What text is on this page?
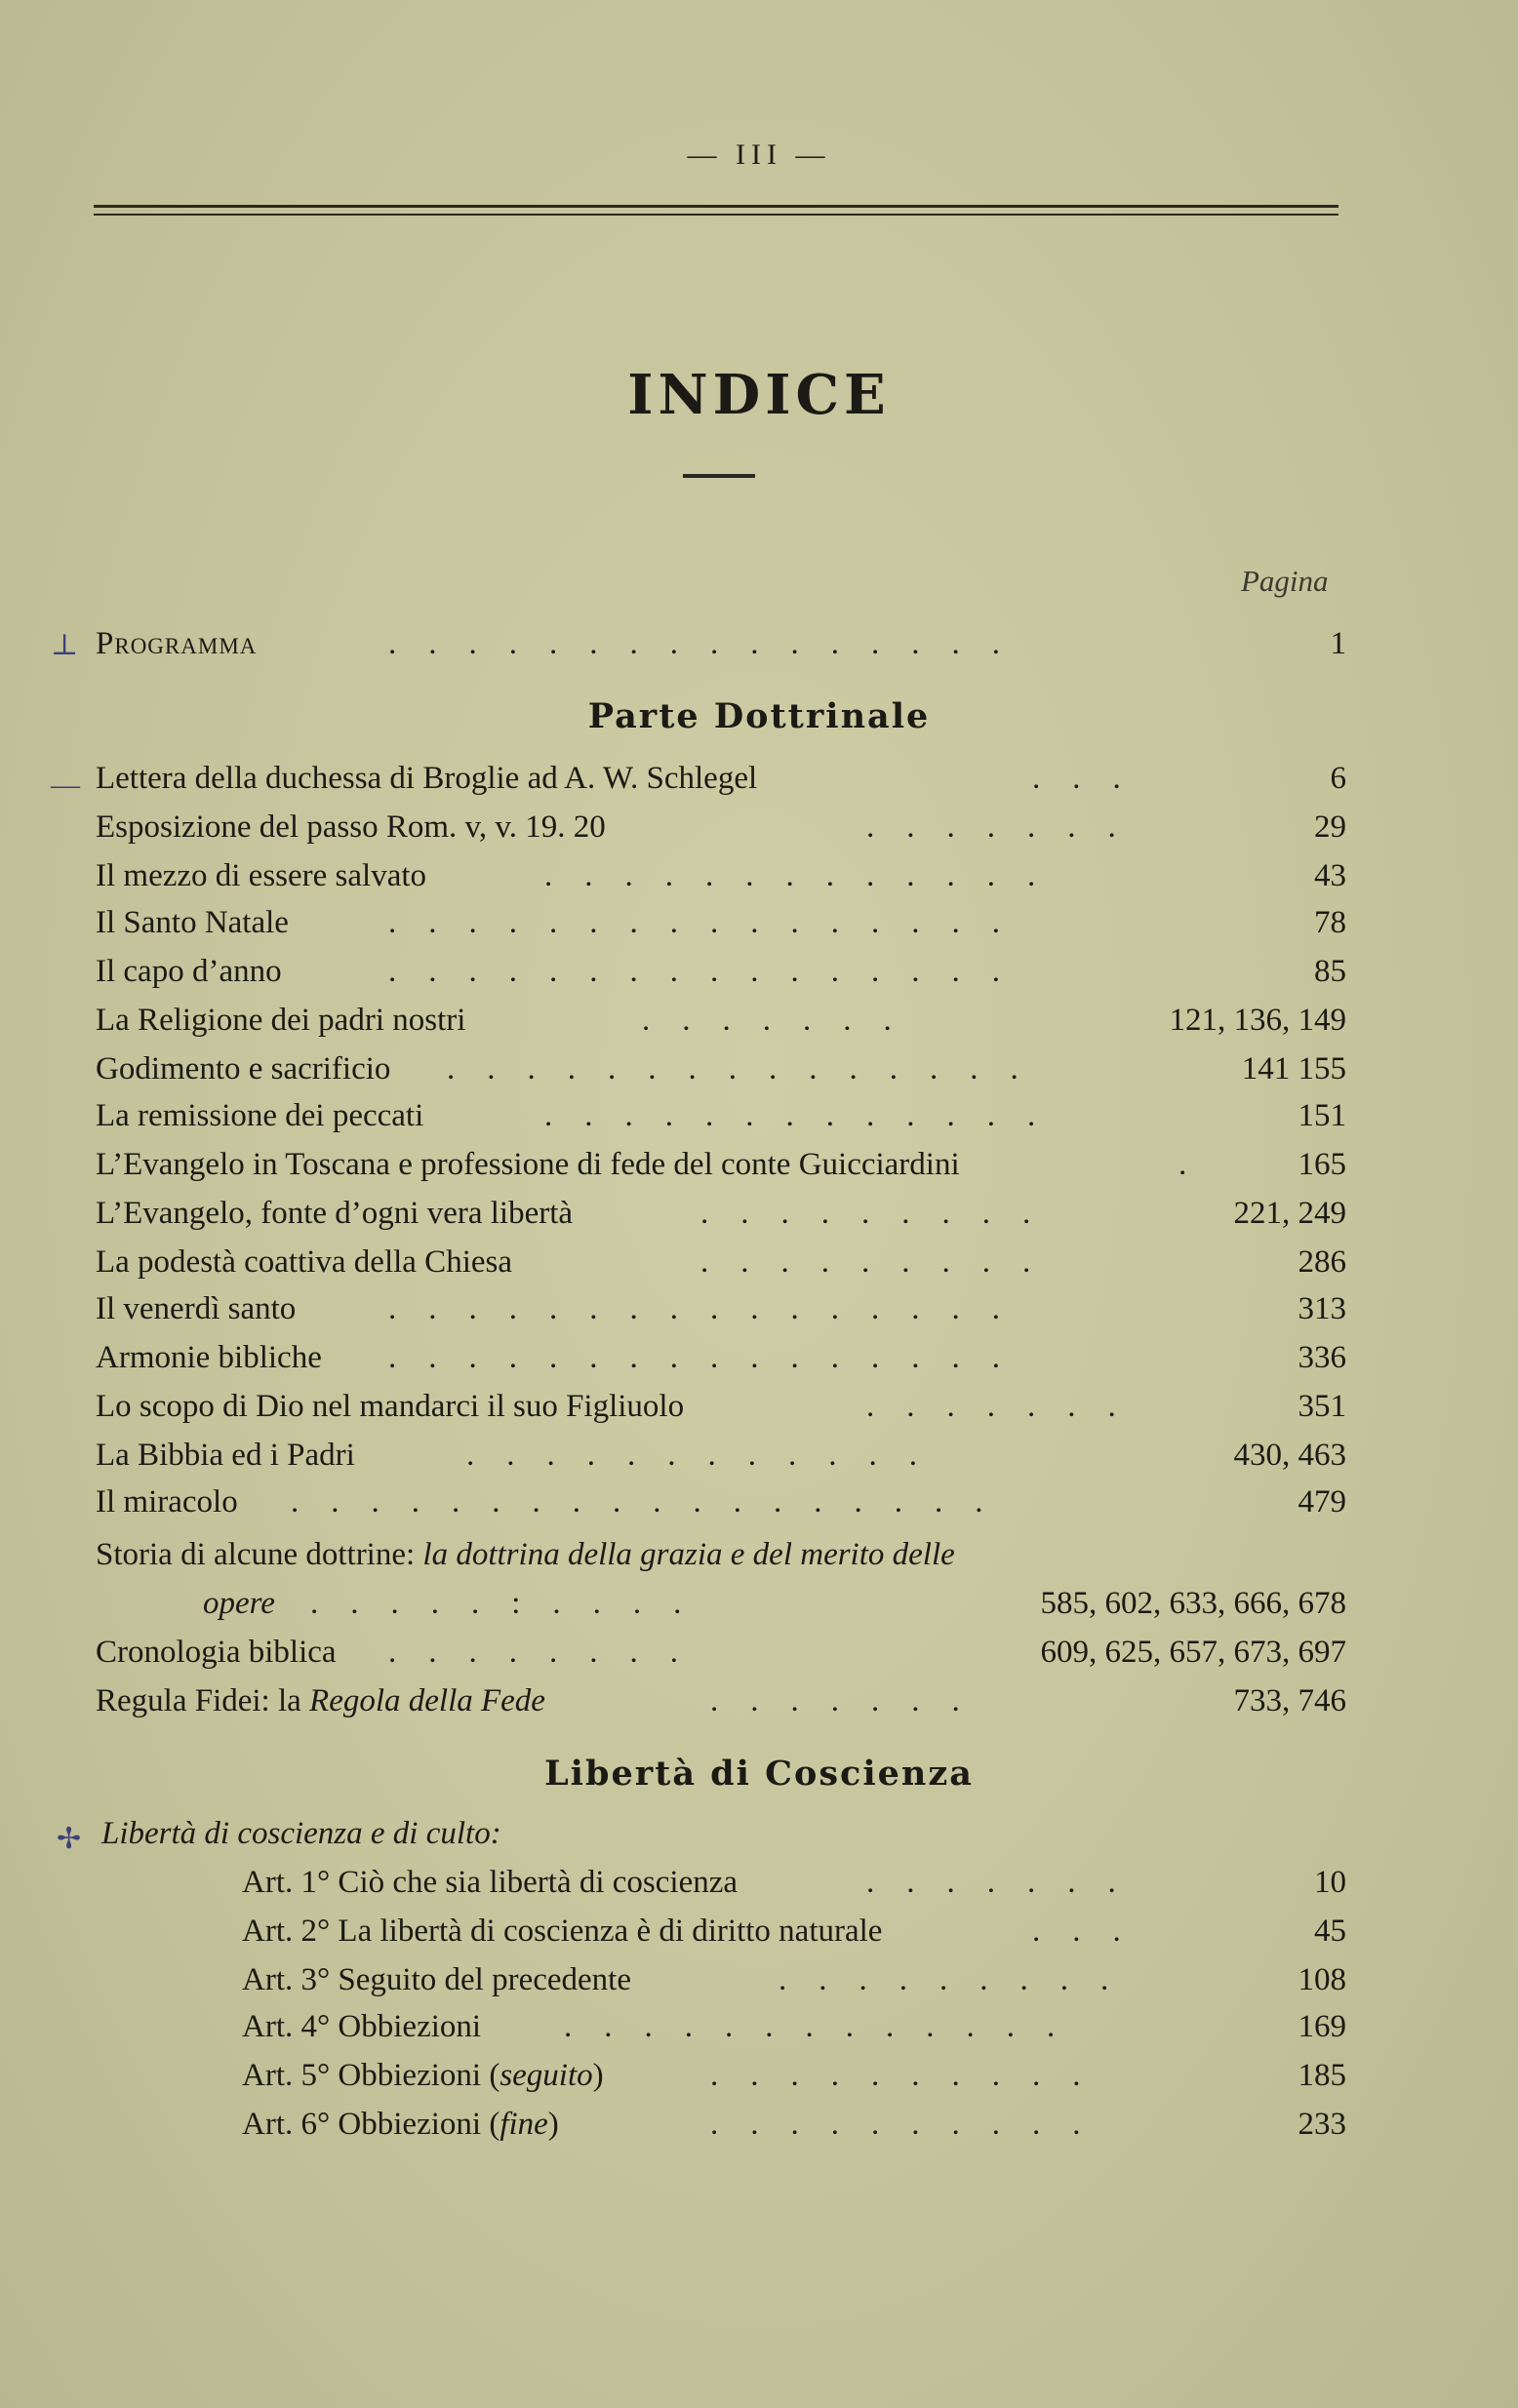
— III —
INDICE
Pagina
⊥ Programma	.    .    .    .    .    .    .    .    .    .    .    .    .    .    .    .	1
Parte Dottrinale
— Lettera della duchessa di Broglie ad A. W. Schlegel	.    .    .	6
Esposizione del passo Rom. v, v. 19. 20	.    .    .    .    .    .    .	29
Il mezzo di essere salvato	.    .    .    .    .    .    .    .    .    .    .    .    .	43
Il Santo Natale	.    .    .    .    .    .    .    .    .    .    .    .    .    .    .    .	78
Il capo d’anno	.    .    .    .    .    .    .    .    .    .    .    .    .    .    .    .	85
La Religione dei padri nostri	.    .    .    .    .    .    .	121, 136, 149
Godimento e sacrificio .    .    .    .    .    .    .    .    .    .    .    .    .    .    .	141 155
La remissione dei peccati	.    .    .    .    .    .    .    .    .    .    .    .    .	151
L’Evangelo in Toscana e professione di fede del conte Guicciardini	.	165
L’Evangelo, fonte d’ogni vera libertà	.    .    .    .    .    .    .    .    .	221, 249
La podestà coattiva della Chiesa	.    .    .    .    .    .    .    .    .	286
Il venerdì santo	.    .    .    .    .    .    .    .    .    .    .    .    .    .    .    .	313
Armonie bibliche .    .    .    .    .    .    .    .    .    .    .    .    .    .    .    .	336
Lo scopo di Dio nel mandarci il suo Figliuolo	.    .    .    .    .    .    .	351
La Bibbia ed i Padri	.    .    .    .    .    .    .    .    .    .    .    .	430, 463
Il miracolo .    .    .    .    .    .    .    .    .    .    .    .    .    .    .    .    .    .	479
Storia di alcune dottrine: la dottrina della grazia e del merito delle
opere .    .    .    .    .    :    .    .    .    .	585, 602, 633, 666, 678
Cronologia biblica .    .    .    .    .    .    .    .	609, 625, 657, 673, 697
Regula Fidei: la Regola della Fede	.    .    .    .    .    .    .	733, 746
Libertà di Coscienza
✢ Libertà di coscienza e di culto:
Art. 1° Ciò che sia libertà di coscienza	.    .    .    .    .    .    .	10
Art. 2° La libertà di coscienza è di diritto naturale	.    .    .	45
Art. 3° Seguito del precedente	.    .    .    .    .    .    .    .    .	108
Art. 4° Obbiezioni	.    .    .    .    .    .    .    .    .    .    .    .    .	169
Art. 5° Obbiezioni (seguito)	.    .    .    .    .    .    .    .    .    .	185
Art. 6° Obbiezioni (fine)	.    .    .    .    .    .    .    .    .    .	233
